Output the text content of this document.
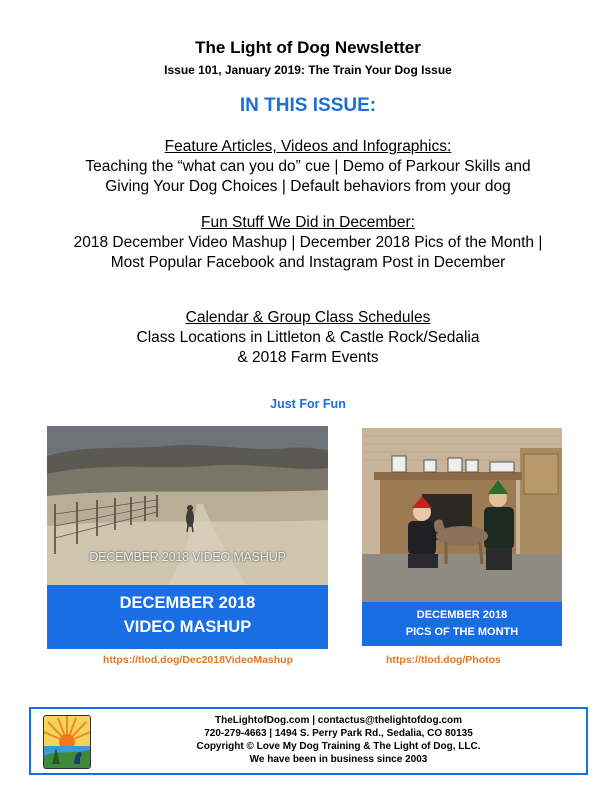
The Light of Dog Newsletter
Issue 101, January 2019: The Train Your Dog Issue
IN THIS ISSUE:
Feature Articles, Videos and Infographics:
Teaching the “what can you do” cue | Demo of Parkour Skills and
Giving Your Dog Choices | Default behaviors from your dog
Fun Stuff We Did in December:
2018 December Video Mashup | December 2018 Pics of the Month |
Most Popular Facebook and Instagram Post in December
Calendar & Group Class Schedules
Class Locations in Littleton & Castle Rock/Sedalia
& 2018 Farm Events
Just For Fun
DECEMBER 2018 VIDEO MASHUP
DECEMBER 2018
VIDEO MASHUP
DECEMBER 2018
PICS OF THE MONTH
https://tlod.dog/Dec2018VideoMashup	https://tlod.dog/Photos
TheLightofDog.com | contactus@thelightofdog.com
720-279-4663 | 1494 S. Perry Park Rd., Sedalia, CO 80135
Copyright © Love My Dog Training & The Light of Dog, LLC.
We have been in business since 2003
